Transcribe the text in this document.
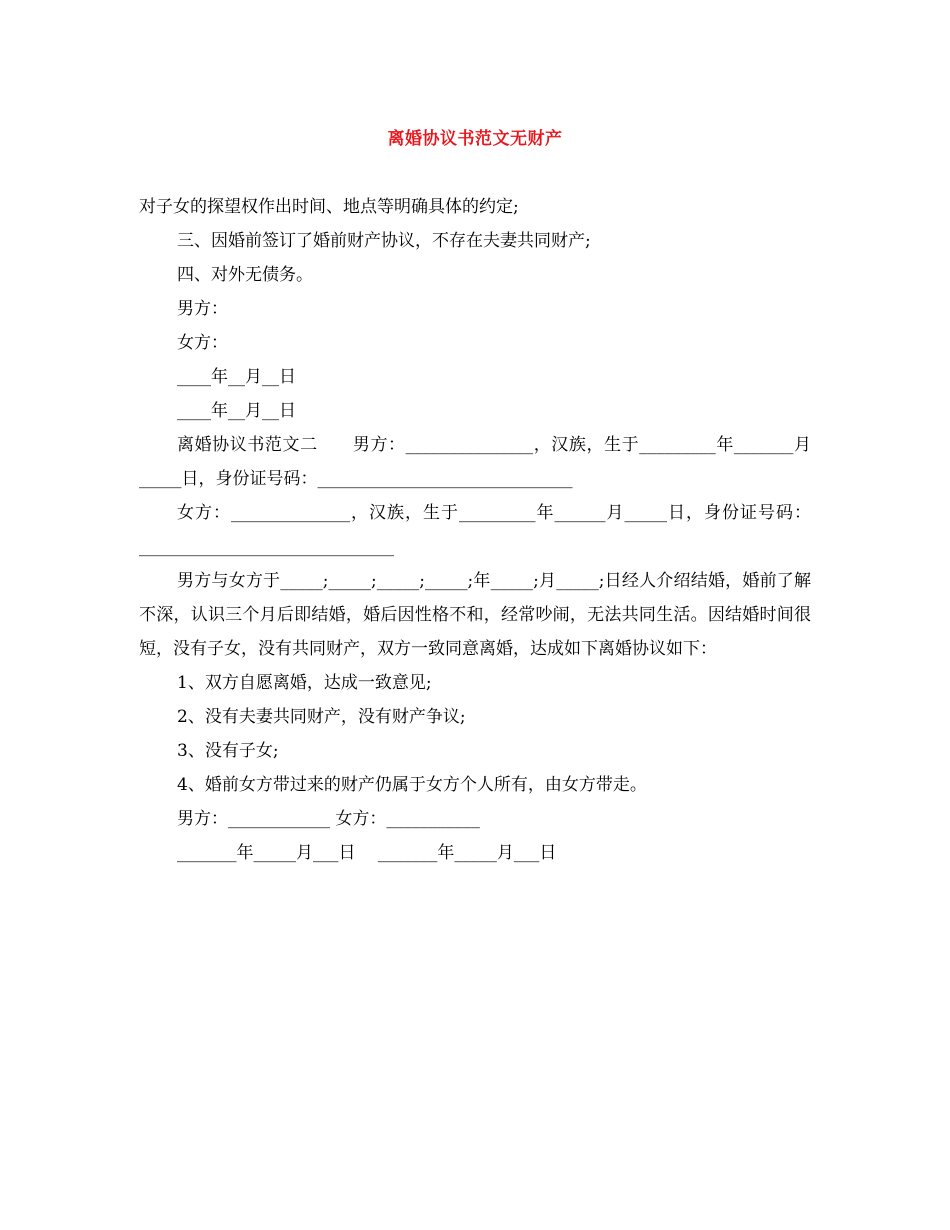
离婚协议书范文无财产

对子女的探望权作出时间、地点等明确具体的约定;

三、因婚前签订了婚前财产协议，不存在夫妻共同财产;

四、对外无债务。

男方：

女方：

____年__月__日

____年__月__日

离婚协议书范文二　　男方：_______________，汉族，生于_________年_______月_____日，身份证号码：______________________________

女方：______________，汉族，生于_________年______月_____日，身份证号码：______________________________

男方与女方于_____;_____;_____;_____;年_____;月_____;日经人介绍结婚，婚前了解不深，认识三个月后即结婚，婚后因性格不和，经常吵闹，无法共同生活。因结婚时间很短，没有子女，没有共同财产，双方一致同意离婚，达成如下离婚协议如下：

1、双方自愿离婚，达成一致意见;

2、没有夫妻共同财产，没有财产争议;

3、没有子女;

4、婚前女方带过来的财产仍属于女方个人所有，由女方带走。

男方：____________ 女方：___________

_______年_____月___日　 _______年_____月___日
